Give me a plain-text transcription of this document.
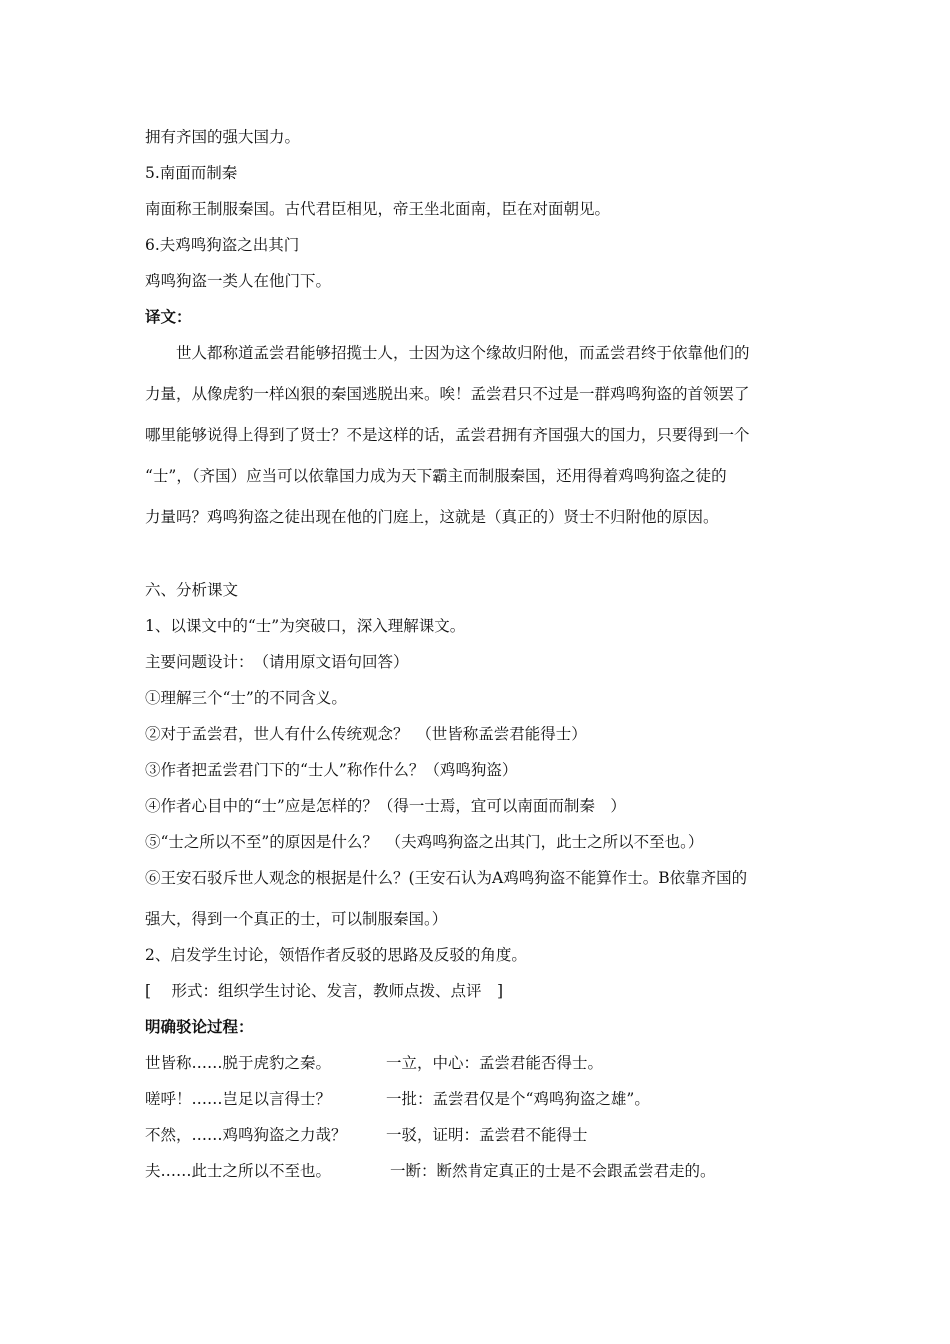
拥有齐国的强大国力。
5.南面而制秦
南面称王制服秦国。古代君臣相见，帝王坐北面南，臣在对面朝见。
6.夫鸡鸣狗盗之出其门
鸡鸣狗盗一类人在他门下。
译文：
　　世人都称道孟尝君能够招揽士人，士因为这个缘故归附他，而孟尝君终于依靠他们的
力量，从像虎豹一样凶狠的秦国逃脱出来。唉！孟尝君只不过是一群鸡鸣狗盗的首领罢了
哪里能够说得上得到了贤士？不是这样的话，孟尝君拥有齐国强大的国力，只要得到一个
“士”，（齐国）应当可以依靠国力成为天下霸主而制服秦国，还用得着鸡鸣狗盗之徒的
力量吗？鸡鸣狗盗之徒出现在他的门庭上，这就是（真正的）贤士不归附他的原因。
六、分析课文
1、以课文中的“士”为突破口，深入理解课文。
主要问题设计：　（请用原文语句回答）
①理解三个“士”的不同含义。
②对于孟尝君，世人有什么传统观念？　（世皆称孟尝君能得士）
③作者把孟尝君门下的“士人”称作什么？（鸡鸣狗盗）
④作者心目中的“士”应是怎样的？（得一士焉，宜可以南面而制秦　）
⑤“士之所以不至”的原因是什么？　（夫鸡鸣狗盗之出其门，此士之所以不至也。）
⑥王安石驳斥世人观念的根据是什么？(王安石认为A鸡鸣狗盗不能算作士。B依靠齐国的
强大，得到一个真正的士，可以制服秦国。）
2、启发学生讨论，领悟作者反驳的思路及反驳的角度。
[　 形式：组织学生讨论、发言，教师点拨、点评　]
明确驳论过程：
世皆称……脱于虎豹之秦。	一立，中心：孟尝君能否得士。
嗟呼！……岂足以言得士？	一批：孟尝君仅是个“鸡鸣狗盗之雄”。
不然，……鸡鸣狗盗之力哉？	一驳，证明：孟尝君不能得士
夫……此士之所以不至也。	一断：断然肯定真正的士是不会跟孟尝君走的。
